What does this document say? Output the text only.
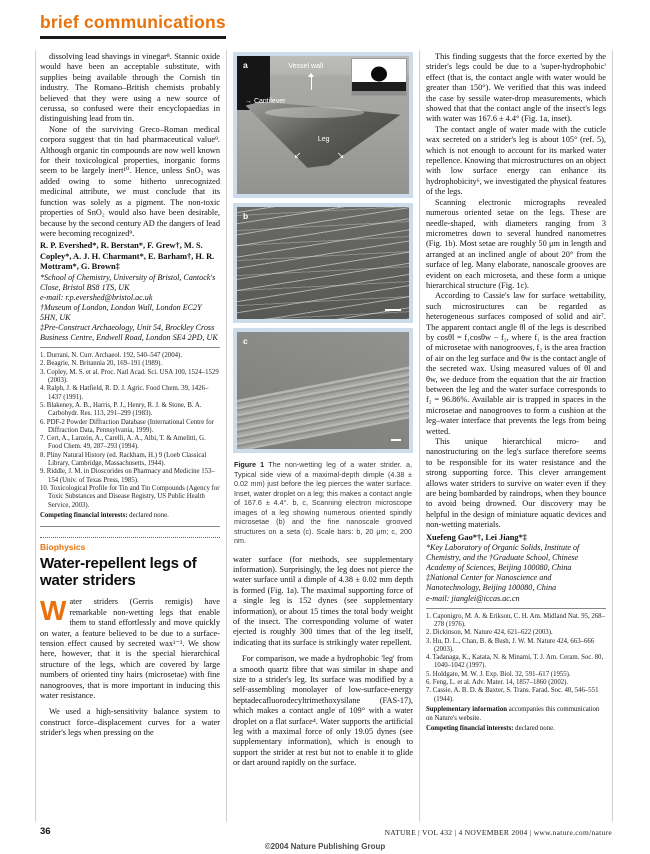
brief communications

dissolving lead shavings in vinegar⁸. Stannic oxide would have been an acceptable substitute, with supplies being available through the Cornish tin industry. The Romano–British chemists probably believed that they were using a new source of cerussa, so confused were their encyclopaedias in distinguishing lead from tin.

None of the surviving Greco–Roman medical corpora suggest that tin had pharmaceutical value⁹. Although organic tin compounds are now well known for their toxicological properties, inorganic forms seem to be largely inert¹⁰. Hence, unless SnO₂ was added owing to some hitherto unrecognized medicinal attribute, we must conclude that its function was solely as a pigment. The non-toxic properties of SnO₂ would also have been desirable, because by the second century AD the dangers of lead were becoming recognized⁹.

R. P. Evershed*, R. Berstan*, F. Grew†, M. S. Copley*, A. J. H. Charmant*, E. Barham†, H. R. Mottram*, G. Brown‡

*School of Chemistry, University of Bristol, Cantock's Close, Bristol BS8 1TS, UK

e-mail: r.p.evershed@bristol.ac.uk

†Museum of London, London Wall, London EC2Y 5HN, UK

‡Pre-Construct Archaeology, Unit 54, Brockley Cross Business Centre, Endwell Road, London SE4 2PD, UK

1. Durrani, N. Curr. Archaeol. 192, 540–547 (2004).

2. Beagrie, N. Britannia 20, 169–191 (1989).

3. Copley, M. S. et al. Proc. Natl Acad. Sci. USA 100, 1524–1529 (2003).

4. Ralph, J. & Hatfield, R. D. J. Agric. Food Chem. 39, 1426–1437 (1991).

5. Blakeney, A. B., Harris, P. J., Henry, R. J. & Stone, B. A. Carbohydr. Res. 113, 291–299 (1983).

6. PDF-2 Powder Diffraction Database (International Centre for Diffraction Data, Pennsylvania, 1999).

7. Cert, A., Lanzón, A., Carelli, A. A., Albi, T. & Amelitti, G. Food Chem. 49, 287–293 (1994).

8. Pliny Natural History (ed. Rackham, H.) 9 (Loeb Classical Library, Cambridge, Massachusetts, 1944).

9. Riddle, J. M. in Dioscorides on Pharmacy and Medicine 153–154 (Univ. of Texas Press, 1985).

10. Toxicological Profile for Tin and Tin Compounds (Agency for Toxic Substances and Disease Registry, US Public Health Service, 2003).

Competing financial interests: declared none.

Biophysics
Water-repellent legs of water striders

Water striders (Gerris remigis) have remarkable non-wetting legs that enable them to stand effortlessly and move quickly on water, a feature believed to be due to a surface-tension effect caused by secreted wax¹⁻³. We show here, however, that it is the special hierarchical structure of the legs, which are covered by large numbers of oriented tiny hairs (microsetae) with fine nanogrooves, that is more important in inducing this water resistance.

We used a high-sensitivity balance system to construct force–displacement curves for a water strider's legs when pressing on the

a	Vessel wall
→ Cantilever
Leg
↙	↘
b
c

Figure 1 The non-wetting leg of a water strider. a, Typical side view of a maximal-depth dimple (4.38 ± 0.02 mm) just before the leg pierces the water surface. Inset, water droplet on a leg; this makes a contact angle of 167.6 ± 4.4°. b, c, Scanning electron microscope images of a leg showing numerous oriented spindly microsetae (b) and the fine nanoscale grooved structures on a seta (c). Scale bars: b, 20 μm; c, 200 nm.

water surface (for methods, see supplementary information). Surprisingly, the leg does not pierce the water surface until a dimple of 4.38 ± 0.02 mm depth is formed (Fig. 1a). The maximal supporting force of a single leg is 152 dynes (see supplementary information), or about 15 times the total body weight of the insect. The corresponding volume of water ejected is roughly 300 times that of the leg itself, indicating that its surface is strikingly water repellent.

For comparison, we made a hydrophobic 'leg' from a smooth quartz fibre that was similar in shape and size to a strider's leg. Its surface was modified by a self-assembling monolayer of low-surface-energy heptadecafluorodecyltrimethoxysilane (FAS-17), which makes a contact angle of 109° with a water droplet on a flat surface⁴. Water supports the artificial leg with a maximal force of only 19.05 dynes (see supplementary information), which is enough to support the strider at rest but not to enable it to glide or dart around rapidly on the surface.

This finding suggests that the force exerted by the strider's legs could be due to a 'super-hydrophobic' effect (that is, the contact angle with water would be greater than 150°). We verified that this was indeed the case by sessile water-drop measurements, which showed that that the contact angle of the insect's legs with water was 167.6 ± 4.4° (Fig. 1a, inset).

The contact angle of water made with the cuticle wax secreted on a strider's leg is about 105° (ref. 5), which is not enough to account for its marked water repellence. Knowing that microstructures on an object with low surface energy can enhance its hydrophobicity⁶, we investigated the physical features of the legs.

Scanning electronic micrographs revealed numerous oriented setae on the legs. These are needle-shaped, with diameters ranging from 3 micrometres down to several hundred nanometres (Fig. 1b). Most setae are roughly 50 μm in length and arranged at an inclined angle of about 20° from the surface of leg. Many elaborate, nanoscale grooves are evident on each microseta, and these form a unique hierarchical structure (Fig. 1c).

According to Cassie's law for surface wettability, such microstructures can be regarded as heterogeneous surfaces composed of solid and air⁷. The apparent contact angle θl of the legs is described by cosθl = f₁cosθw − f₂, where f₁ is the area fraction of microsetae with nanogrooves, f₂ is the area fraction of air on the leg surface and θw is the contact angle of the secreted wax. Using measured values of θl and θw, we deduce from the equation that the air fraction between the leg and the water surface corresponds to f₂ = 96.86%. Available air is trapped in spaces in the microsetae and nanogrooves to form a cushion at the leg–water interface that prevents the legs from being wetted.

This unique hierarchical micro- and nanostructuring on the leg's surface therefore seems to be responsible for its water resistance and the strong supporting force. This clever arrangement allows water striders to survive on water even if they are being bombarded by raindrops, when they bounce to avoid being drowned. Our discovery may be helpful in the design of miniature aquatic devices and non-wetting materials.

Xuefeng Gao*†, Lei Jiang*‡

*Key Laboratory of Organic Solids, Institute of Chemistry, and the †Graduate School, Chinese Academy of Sciences, Beijing 100080, China

‡National Center for Nanoscience and Nanotechnology, Beijing 100080, China

e-mail: jianglei@iccas.ac.cn

1. Caponigro, M. A. & Erikson, C. H. Am. Midland Nat. 95, 268–278 (1976).

2. Dickinson, M. Nature 424, 621–622 (2003).

3. Hu, D. L., Chan, B. & Bush, J. W. M. Nature 424, 663–666 (2003).

4. Tadanaga, K., Katata, N. & Minami, T. J. Am. Ceram. Soc. 80, 1040–1042 (1997).

5. Holdgate, M. W. J. Exp. Biol. 32, 591–617 (1955).

6. Feng, L. et al. Adv. Mater. 14, 1857–1860 (2002).

7. Cassie, A. B. D. & Baxter, S. Trans. Farad. Soc. 40, 546–551 (1944).

Supplementary information accompanies this communication on Nature's website.

Competing financial interests: declared none.

36	NATURE | VOL 432 | 4 NOVEMBER 2004 | www.nature.com/nature
©2004 Nature Publishing Group
